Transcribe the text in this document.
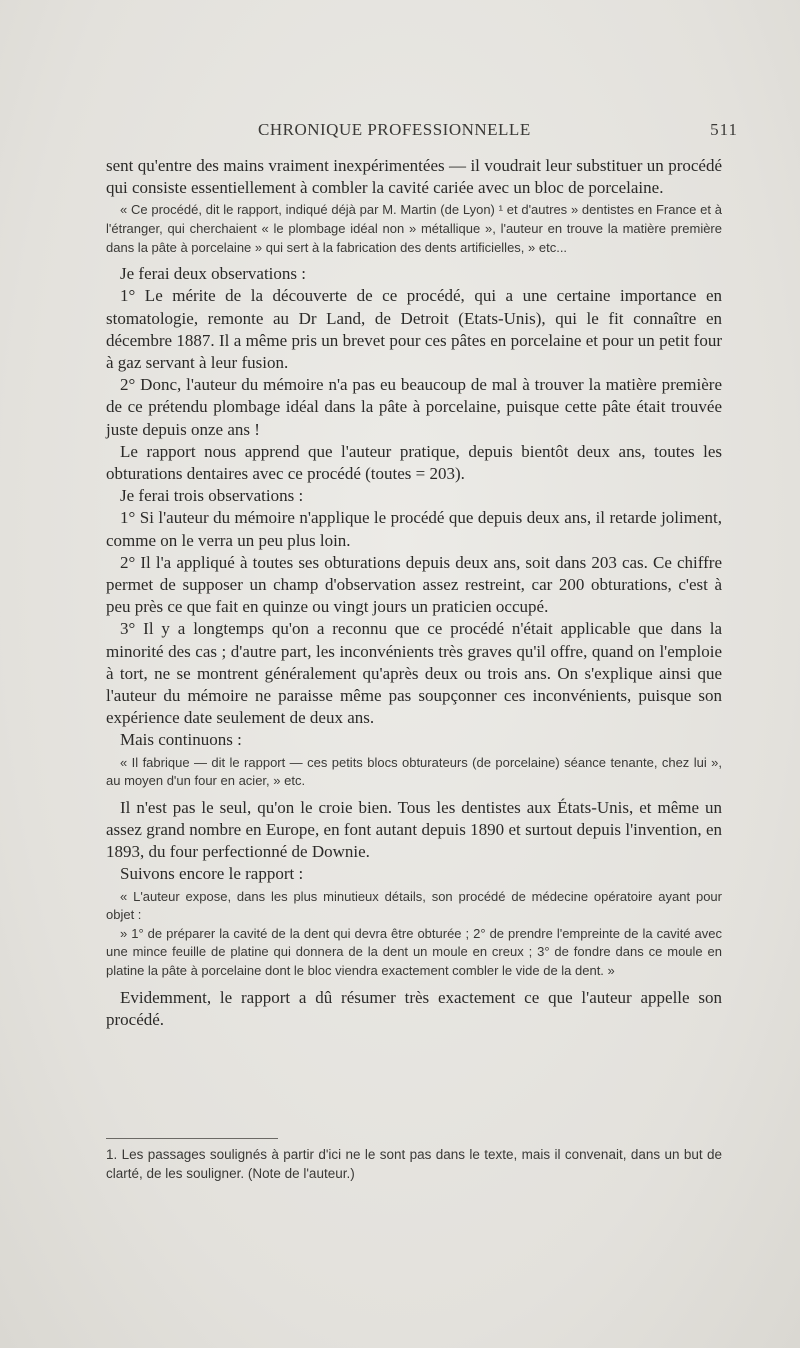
CHRONIQUE PROFESSIONNELLE	511

sent qu'entre des mains vraiment inexpérimentées — il voudrait leur substituer un procédé qui consiste essentiellement à combler la cavité cariée avec un bloc de porcelaine.

« Ce procédé, dit le rapport, indiqué déjà par M. Martin (de Lyon) ¹ et d'autres » dentistes en France et à l'étranger, qui cherchaient « le plombage idéal non » métallique », l'auteur en trouve la matière première dans la pâte à porcelaine » qui sert à la fabrication des dents artificielles, » etc...

Je ferai deux observations :

1° Le mérite de la découverte de ce procédé, qui a une certaine importance en stomatologie, remonte au Dr Land, de Detroit (Etats-Unis), qui le fit connaître en décembre 1887. Il a même pris un brevet pour ces pâtes en porcelaine et pour un petit four à gaz servant à leur fusion.

2° Donc, l'auteur du mémoire n'a pas eu beaucoup de mal à trouver la matière première de ce prétendu plombage idéal dans la pâte à porcelaine, puisque cette pâte était trouvée juste depuis onze ans !

Le rapport nous apprend que l'auteur pratique, depuis bientôt deux ans, toutes les obturations dentaires avec ce procédé (toutes = 203).

Je ferai trois observations :

1° Si l'auteur du mémoire n'applique le procédé que depuis deux ans, il retarde joliment, comme on le verra un peu plus loin.

2° Il l'a appliqué à toutes ses obturations depuis deux ans, soit dans 203 cas. Ce chiffre permet de supposer un champ d'observation assez restreint, car 200 obturations, c'est à peu près ce que fait en quinze ou vingt jours un praticien occupé.

3° Il y a longtemps qu'on a reconnu que ce procédé n'était applicable que dans la minorité des cas ; d'autre part, les inconvénients très graves qu'il offre, quand on l'emploie à tort, ne se montrent généralement qu'après deux ou trois ans. On s'explique ainsi que l'auteur du mémoire ne paraisse même pas soupçonner ces inconvénients, puisque son expérience date seulement de deux ans.

Mais continuons :

« Il fabrique — dit le rapport — ces petits blocs obturateurs (de porcelaine) séance tenante, chez lui », au moyen d'un four en acier, » etc.

Il n'est pas le seul, qu'on le croie bien. Tous les dentistes aux États-Unis, et même un assez grand nombre en Europe, en font autant depuis 1890 et surtout depuis l'invention, en 1893, du four perfectionné de Downie.

Suivons encore le rapport :

« L'auteur expose, dans les plus minutieux détails, son procédé de médecine opératoire ayant pour objet :

» 1° de préparer la cavité de la dent qui devra être obturée ; 2° de prendre l'empreinte de la cavité avec une mince feuille de platine qui donnera de la dent un moule en creux ; 3° de fondre dans ce moule en platine la pâte à porcelaine dont le bloc viendra exactement combler le vide de la dent. »

Evidemment, le rapport a dû résumer très exactement ce que l'auteur appelle son procédé.

1. Les passages soulignés à partir d'ici ne le sont pas dans le texte, mais il convenait, dans un but de clarté, de les souligner. (Note de l'auteur.)
